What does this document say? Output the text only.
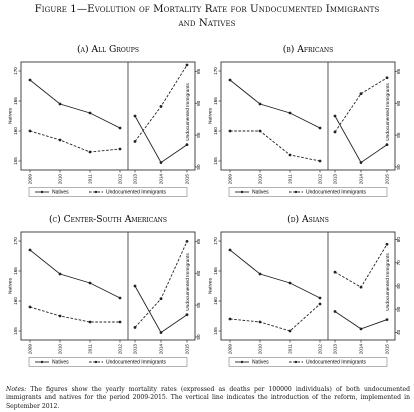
Figure 1—Evolution of Mortality Rate for Undocumented Immigrants
and Natives
(a) All Groups
155
160
165
170
Natives
50
55
60
65
Undocumented Immigrants
2009	2010	2011	2012 2013	2014	2015
Natives	Undocumented Immigrants
(b) Africans
155
160
165
170
Natives
50
55
60
65
Undocumented Immigrants
2009	2010	2011	2012 2013	2014	2015
Natives	Undocumented Immigrants
(c) Center-South Americans
155
160
165
170
Natives
50
55
60
65
Undocumented Immigrants
2009	2010	2011	2012 2013	2014	2015
Natives	Undocumented Immigrants
(d) Asians
155
160
165
170
Natives
40
50
60
70
80
Undocumented Immigrants
2009	2010	2011	2012 2013	2014	2015
Natives	Undocumented Immigrants
Notes: The figures show the yearly mortality rates (expressed as deaths per 100000 individuals) of both undocumented immigrants and natives for the period 2009-2015. The vertical line indicates the introduction of the reform, implemented in September 2012.
